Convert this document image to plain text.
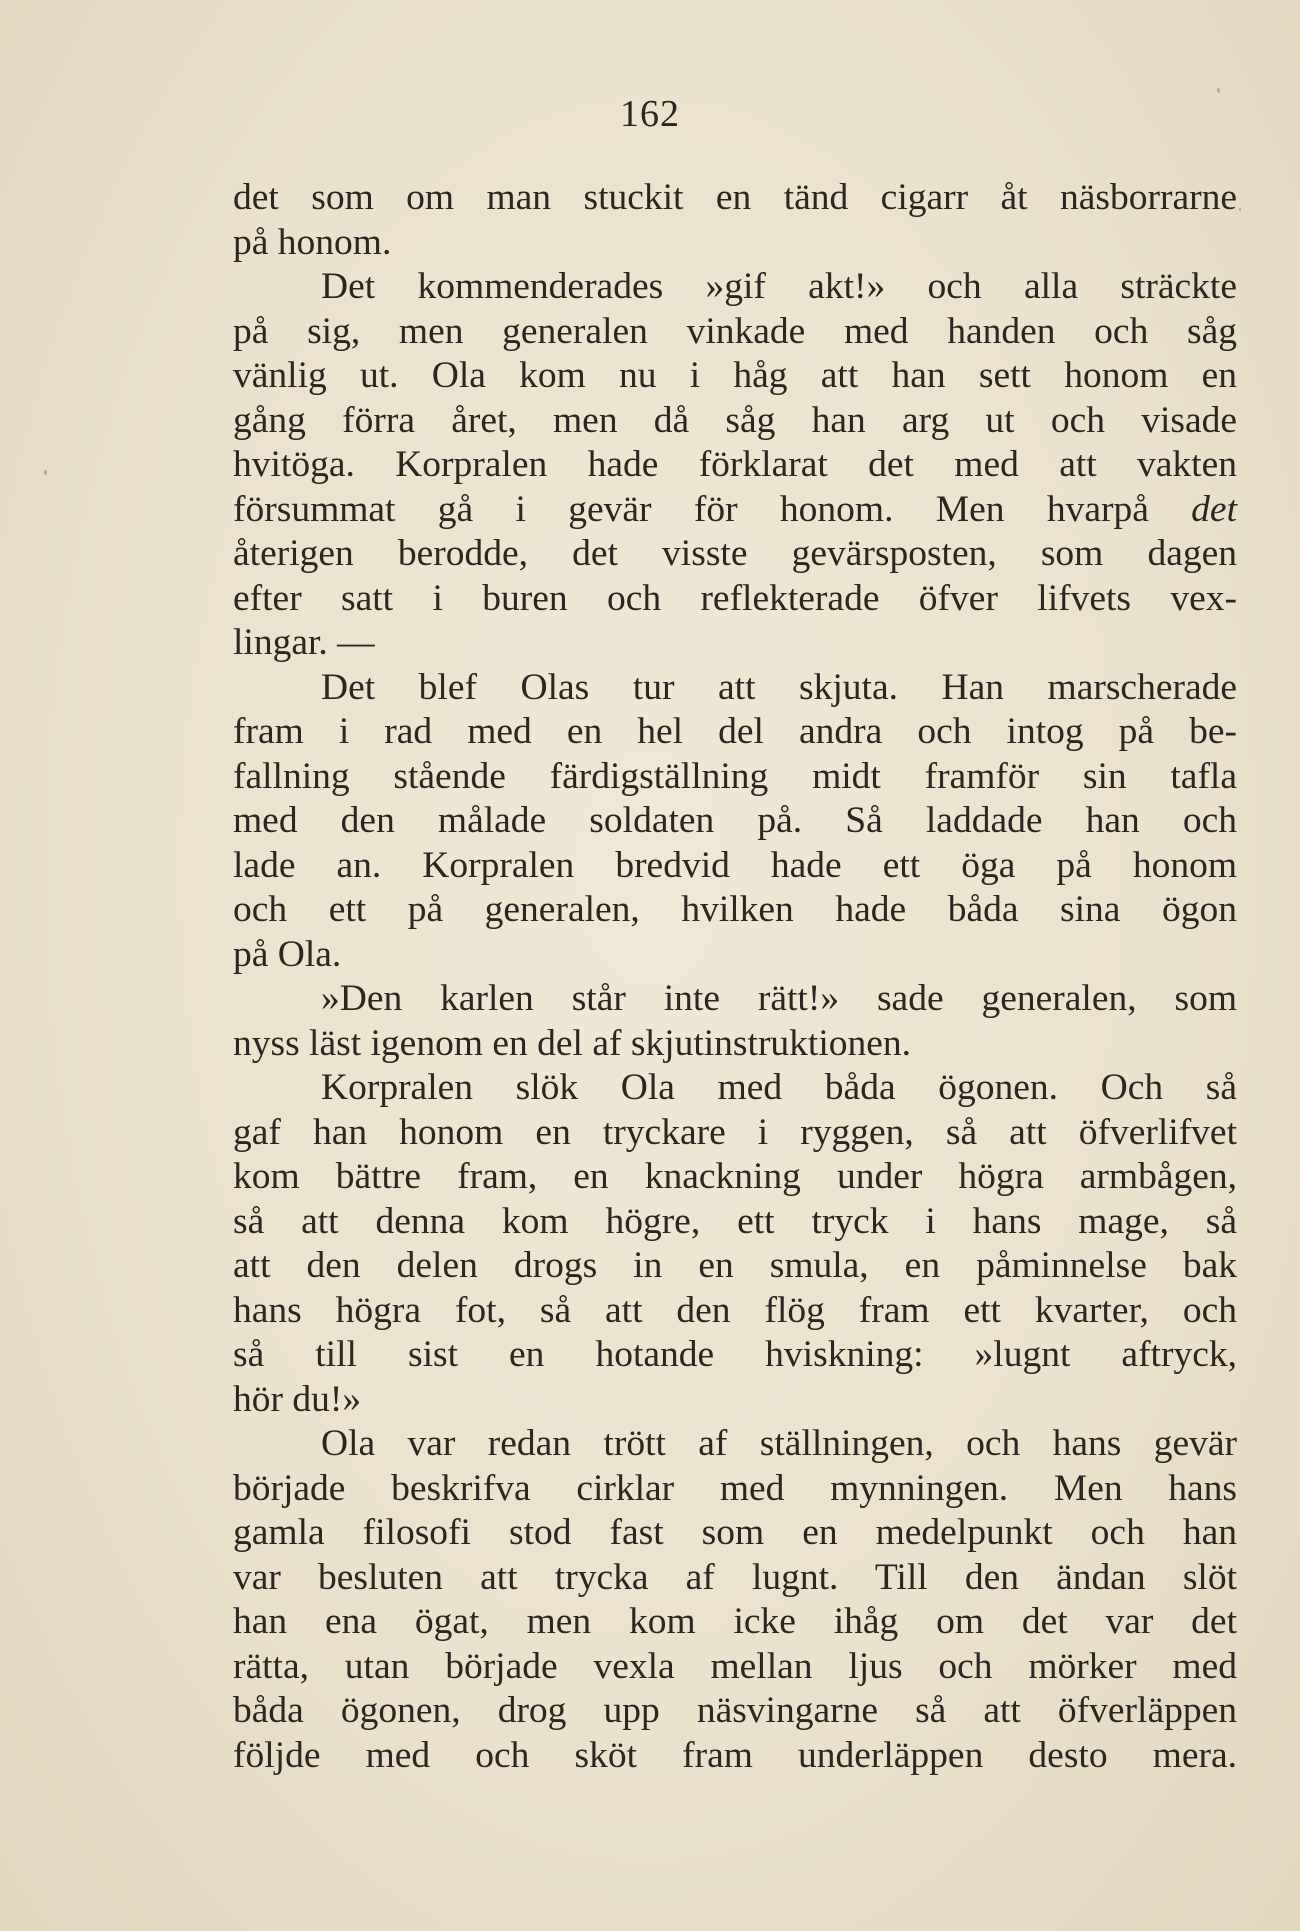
162
det som om man stuckit en tänd cigarr åt näsborrarne
på honom.
Det kommenderades »gif akt!» och alla sträckte
på sig, men generalen vinkade med handen och såg
vänlig ut. Ola kom nu i håg att han sett honom en
gång förra året, men då såg han arg ut och visade
hvitöga. Korpralen hade förklarat det med att vakten
försummat gå i gevär för honom. Men hvarpå det
återigen berodde, det visste gevärsposten, som dagen
efter satt i buren och reflekterade öfver lifvets vex-
lingar. —
Det blef Olas tur att skjuta. Han marscherade
fram i rad med en hel del andra och intog på be-
fallning stående färdigställning midt framför sin tafla
med den målade soldaten på. Så laddade han och
lade an. Korpralen bredvid hade ett öga på honom
och ett på generalen, hvilken hade båda sina ögon
på Ola.
»Den karlen står inte rätt!» sade generalen, som
nyss läst igenom en del af skjutinstruktionen.
Korpralen slök Ola med båda ögonen. Och så
gaf han honom en tryckare i ryggen, så att öfverlifvet
kom bättre fram, en knackning under högra armbågen,
så att denna kom högre, ett tryck i hans mage, så
att den delen drogs in en smula, en påminnelse bak
hans högra fot, så att den flög fram ett kvarter, och
så till sist en hotande hviskning: »lugnt aftryck,
hör du!»
Ola var redan trött af ställningen, och hans gevär
började beskrifva cirklar med mynningen. Men hans
gamla filosofi stod fast som en medelpunkt och han
var besluten att trycka af lugnt. Till den ändan slöt
han ena ögat, men kom icke ihåg om det var det
rätta, utan började vexla mellan ljus och mörker med
båda ögonen, drog upp näsvingarne så att öfverläppen
följde med och sköt fram underläppen desto mera.
